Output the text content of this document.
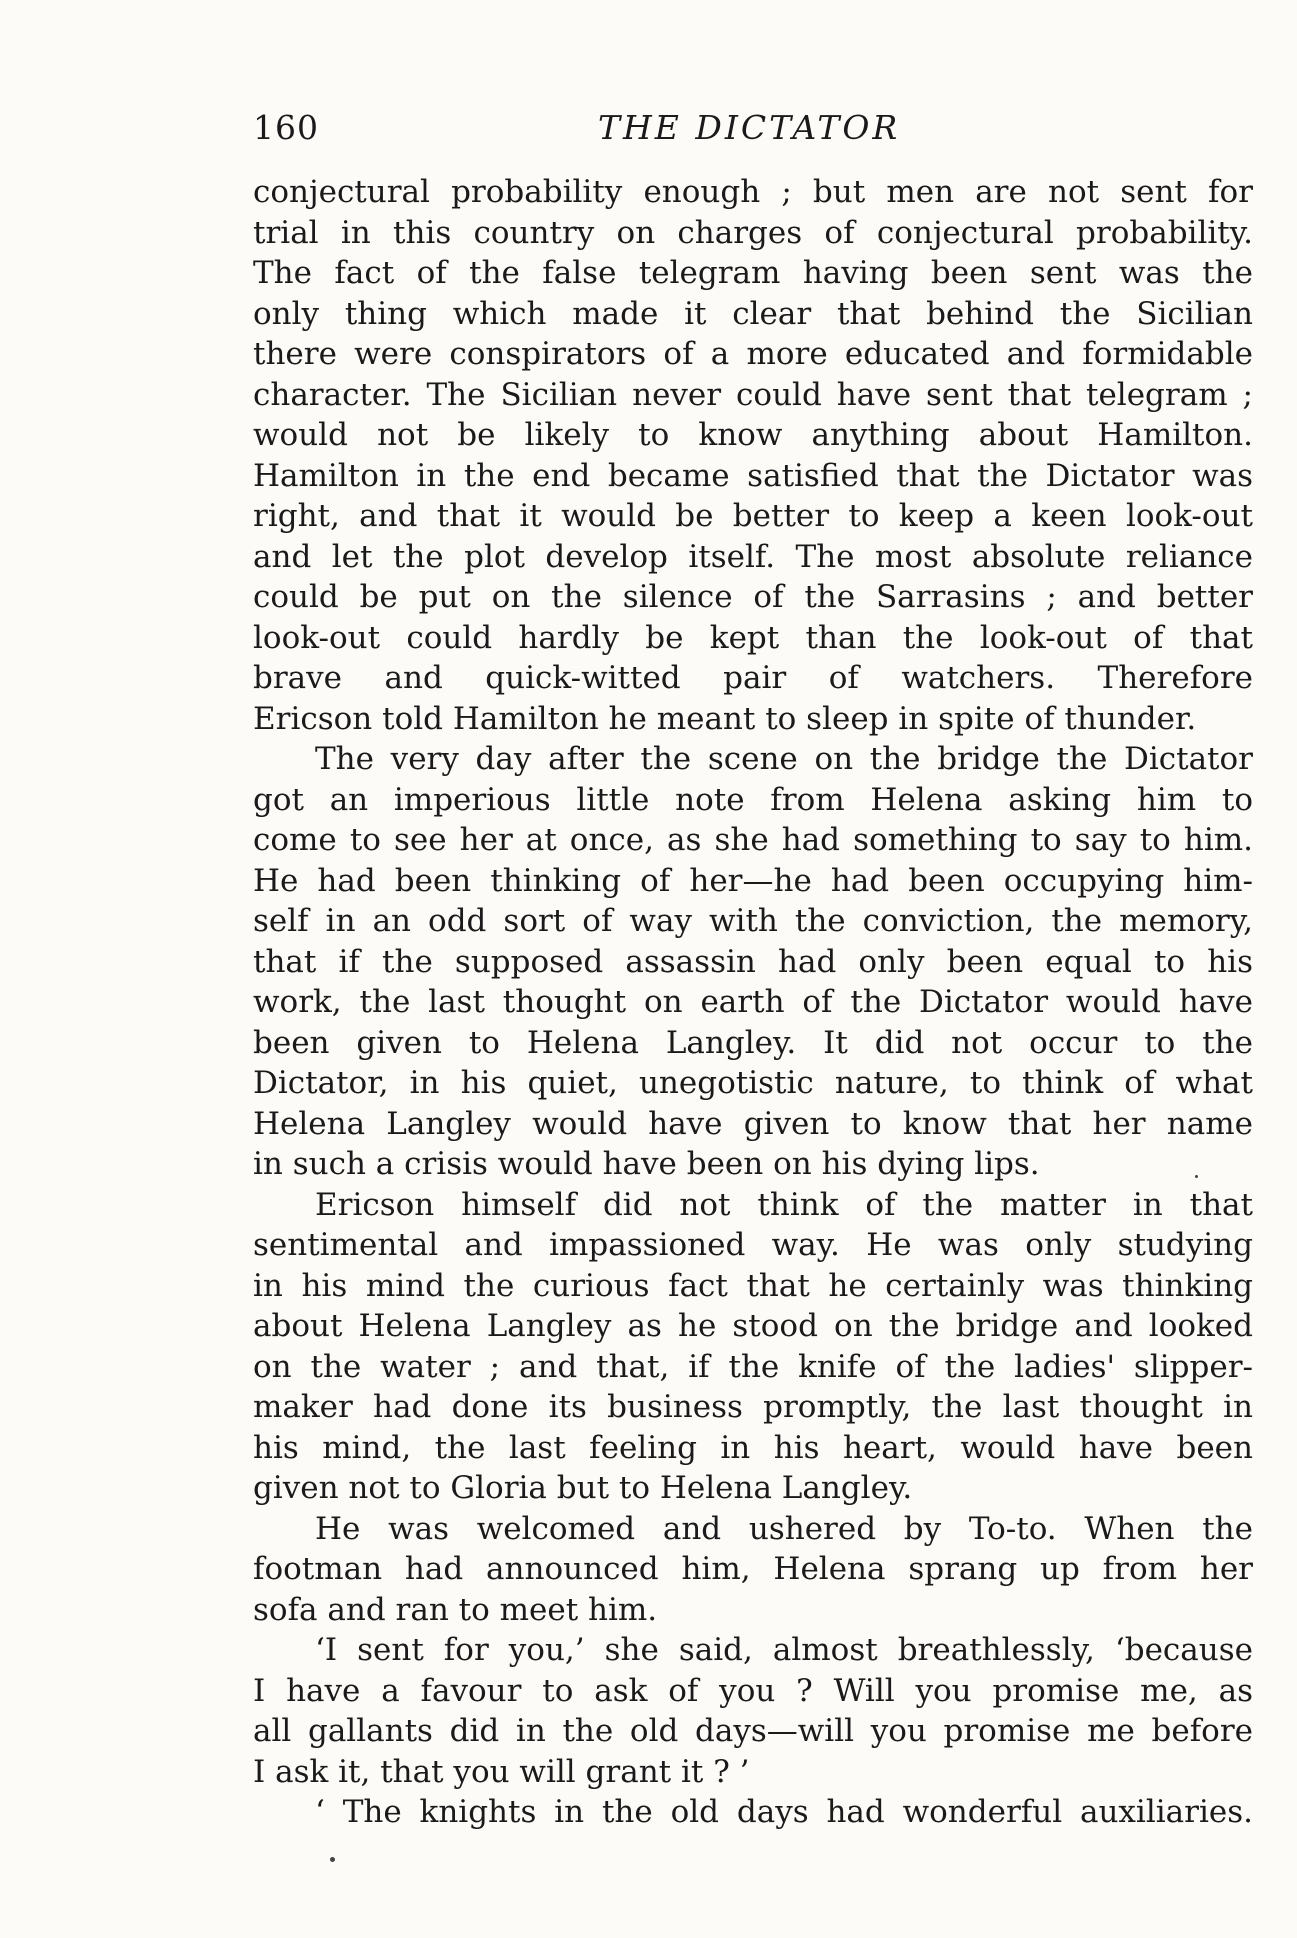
160	THE DICTATOR
conjectural probability enough ; but men are not sent for
trial in this country on charges of conjectural probability.
The fact of the false telegram having been sent was the
only thing which made it clear that behind the Sicilian
there were conspirators of a more educated and formidable
character. The Sicilian never could have sent that telegram ;
would not be likely to know anything about Hamilton.
Hamilton in the end became satisfied that the Dictator was
right, and that it would be better to keep a keen look-out
and let the plot develop itself. The most absolute reliance
could be put on the silence of the Sarrasins ; and better
look-out could hardly be kept than the look-out of that
brave and quick-witted pair of watchers. Therefore
Ericson told Hamilton he meant to sleep in spite of thunder.
The very day after the scene on the bridge the Dictator
got an imperious little note from Helena asking him to
come to see her at once, as she had something to say to him.
He had been thinking of her—he had been occupying him-
self in an odd sort of way with the conviction, the memory,
that if the supposed assassin had only been equal to his
work, the last thought on earth of the Dictator would have
been given to Helena Langley. It did not occur to the
Dictator, in his quiet, unegotistic nature, to think of what
Helena Langley would have given to know that her name
in such a crisis would have been on his dying lips.
Ericson himself did not think of the matter in that
sentimental and impassioned way. He was only studying
in his mind the curious fact that he certainly was thinking
about Helena Langley as he stood on the bridge and looked
on the water ; and that, if the knife of the ladies' slipper-
maker had done its business promptly, the last thought in
his mind, the last feeling in his heart, would have been
given not to Gloria but to Helena Langley.
He was welcomed and ushered by To-to. When the
footman had announced him, Helena sprang up from her
sofa and ran to meet him.
‘I sent for you,’ she said, almost breathlessly, ‘because
I have a favour to ask of you ? Will you promise me, as
all gallants did in the old days—will you promise me before
I ask it, that you will grant it ? ’
‘ The knights in the old days had wonderful auxiliaries.
